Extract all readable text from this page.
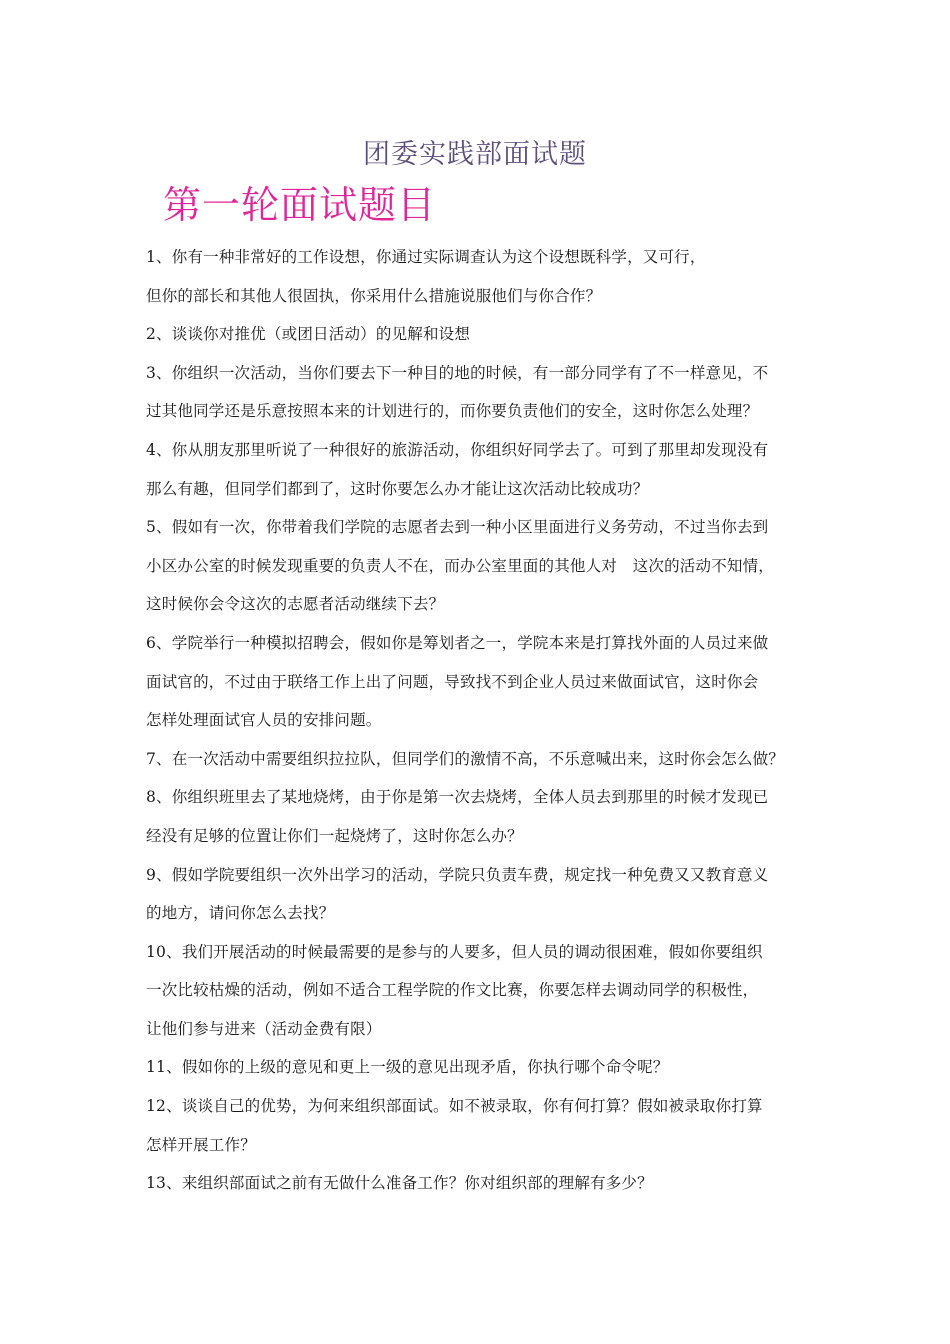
团委实践部面试题
第一轮面试题目
1、你有一种非常好的工作设想，你通过实际调查认为这个设想既科学，又可行，
但你的部长和其他人很固执，你采用什么措施说服他们与你合作？
2、谈谈你对推优（或团日活动）的见解和设想
3、你组织一次活动，当你们要去下一种目的地的时候，有一部分同学有了不一样意见，不
过其他同学还是乐意按照本来的计划进行的，而你要负责他们的安全，这时你怎么处理？
4、你从朋友那里听说了一种很好的旅游活动，你组织好同学去了。可到了那里却发现没有
那么有趣，但同学们都到了，这时你要怎么办才能让这次活动比较成功？
5、假如有一次，你带着我们学院的志愿者去到一种小区里面进行义务劳动，不过当你去到
小区办公室的时候发现重要的负责人不在，而办公室里面的其他人对　这次的活动不知情，
这时候你会令这次的志愿者活动继续下去？
6、学院举行一种模拟招聘会，假如你是筹划者之一，学院本来是打算找外面的人员过来做
面试官的，不过由于联络工作上出了问题，导致找不到企业人员过来做面试官，这时你会
怎样处理面试官人员的安排问题。
7、在一次活动中需要组织拉拉队，但同学们的激情不高，不乐意喊出来，这时你会怎么做？
8、你组织班里去了某地烧烤，由于你是第一次去烧烤，全体人员去到那里的时候才发现已
经没有足够的位置让你们一起烧烤了，这时你怎么办？
9、假如学院要组织一次外出学习的活动，学院只负责车费，规定找一种免费又又教育意义
的地方，请问你怎么去找？
10、我们开展活动的时候最需要的是参与的人要多，但人员的调动很困难，假如你要组织
一次比较枯燥的活动，例如不适合工程学院的作文比赛，你要怎样去调动同学的积极性，
让他们参与进来（活动金费有限）
11、假如你的上级的意见和更上一级的意见出现矛盾，你执行哪个命令呢？
12、谈谈自己的优势，为何来组织部面试。如不被录取，你有何打算？假如被录取你打算
怎样开展工作？
13、来组织部面试之前有无做什么准备工作？你对组织部的理解有多少？
